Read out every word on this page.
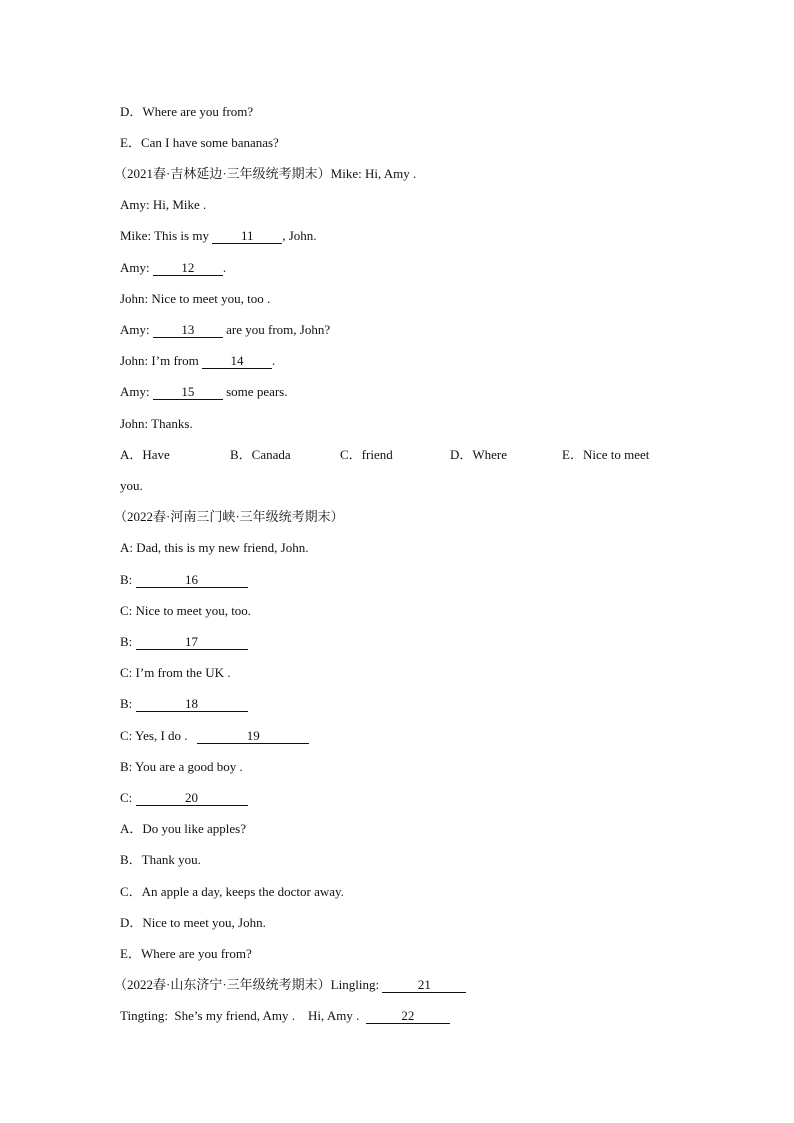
D．Where are you from?
E．Can I have some bananas?
（2021春·吉林延边·三年级统考期末）Mike: Hi, Amy .
Amy: Hi, Mike .
Mike: This is my 11 , John.
Amy: 12 .
John: Nice to meet you, too .
Amy: 13 are you from, John?
John: I’m from 14 .
Amy: 15 some pears.
John: Thanks.
A．Have	B．Canada	C．friend	D．Where	E．Nice to meet
you.
（2022春·河南三门峡·三年级统考期末）
A: Dad, this is my new friend, John.
B:	16
C: Nice to meet you, too.
B:	17
C: I’m from the UK .
B:	18
C: Yes, I do .	19
B: You are a good boy .
C:	20
A．Do you like apples?
B．Thank you.
C．An apple a day, keeps the doctor away.
D．Nice to meet you, John.
E．Where are you from?
（2022春·山东济宁·三年级统考期末）Lingling:	21
Tingting:  She’s my friend, Amy .    Hi, Amy .	22
